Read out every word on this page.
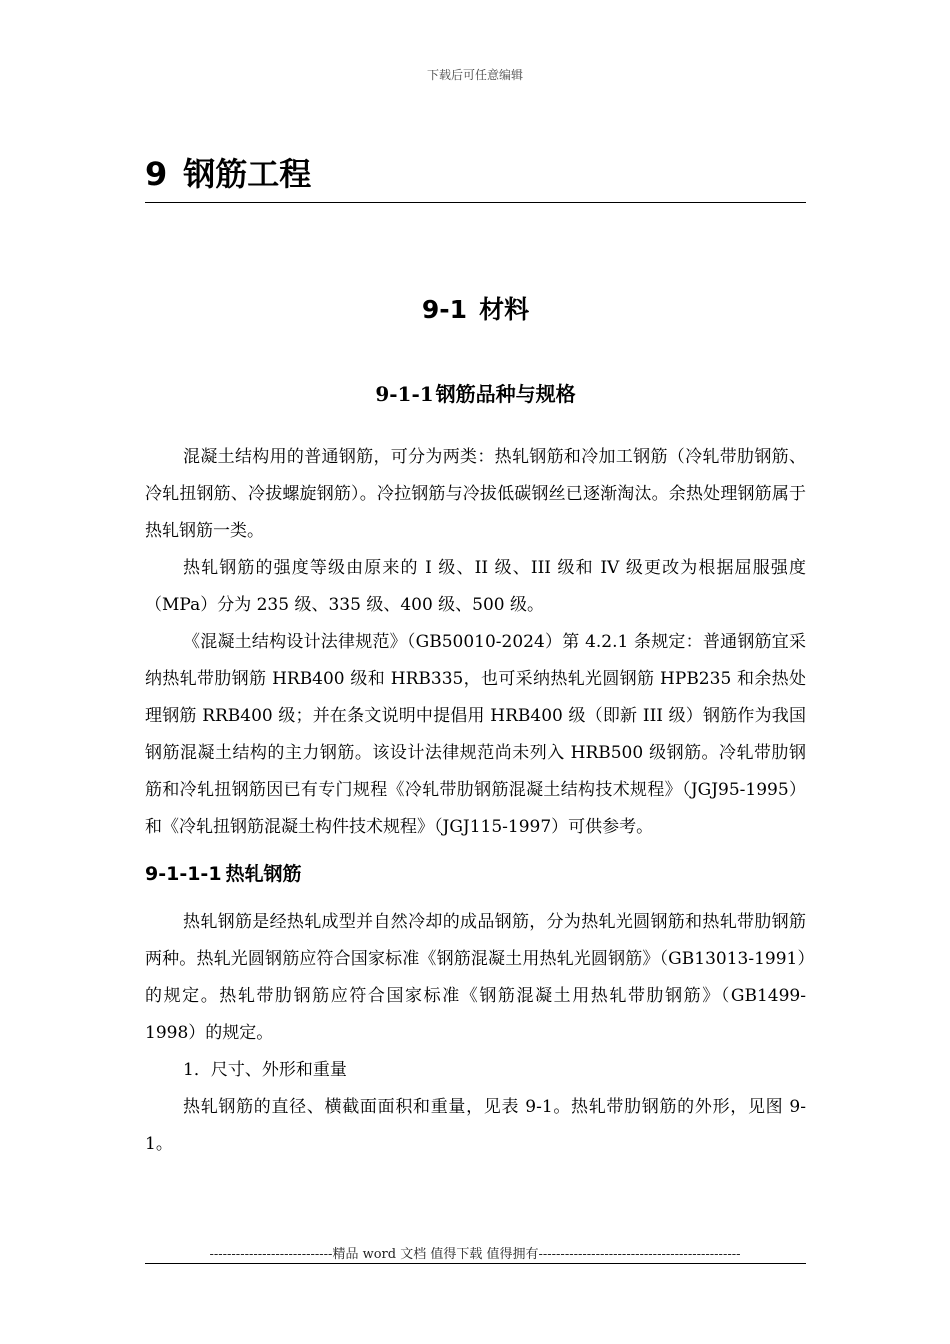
下载后可任意编辑
9 钢筋工程
9-1 材料
9-1-1 钢筋品种与规格

混凝土结构用的普通钢筋，可分为两类：热轧钢筋和冷加工钢筋（冷轧带肋钢筋、冷轧扭钢筋、冷拔螺旋钢筋）。冷拉钢筋与冷拔低碳钢丝已逐渐淘汰。余热处理钢筋属于热轧钢筋一类。

热轧钢筋的强度等级由原来的 I 级、II 级、III 级和 IV 级更改为根据屈服强度（MPa）分为 235 级、335 级、400 级、500 级。

《混凝土结构设计法律规范》（GB50010-2024）第 4.2.1 条规定：普通钢筋宜采纳热轧带肋钢筋 HRB400 级和 HRB335，也可采纳热轧光圆钢筋 HPB235 和余热处理钢筋 RRB400 级；并在条文说明中提倡用 HRB400 级（即新 III 级）钢筋作为我国钢筋混凝土结构的主力钢筋。该设计法律规范尚未列入 HRB500 级钢筋。冷轧带肋钢筋和冷轧扭钢筋因已有专门规程《冷轧带肋钢筋混凝土结构技术规程》（JGJ95-1995）和《冷轧扭钢筋混凝土构件技术规程》（JGJ115-1997）可供参考。

9-1-1-1 热轧钢筋

热轧钢筋是经热轧成型并自然冷却的成品钢筋，分为热轧光圆钢筋和热轧带肋钢筋两种。热轧光圆钢筋应符合国家标准《钢筋混凝土用热轧光圆钢筋》（GB13013-1991）的规定。热轧带肋钢筋应符合国家标准《钢筋混凝土用热轧带肋钢筋》（GB1499-1998）的规定。

1．尺寸、外形和重量

热轧钢筋的直径、横截面面积和重量，见表 9-1。热轧带肋钢筋的外形，见图 9-1。

----------------------------精品 word 文档 值得下载 值得拥有----------------------------------------------
